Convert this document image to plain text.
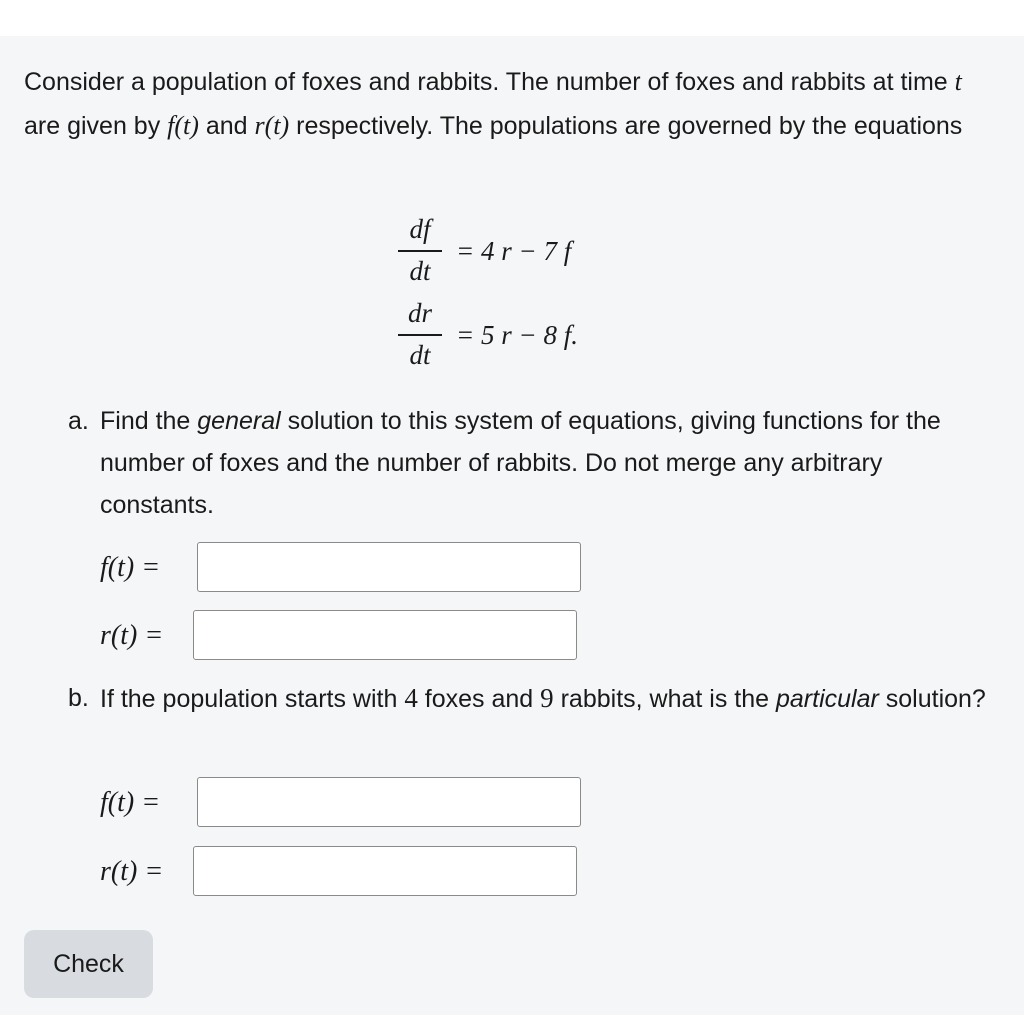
Consider a population of foxes and rabbits. The number of foxes and rabbits at time t are given by f(t) and r(t) respectively. The populations are governed by the equations

df
dt
= 4 r − 7 f
dr
dt
= 5 r − 8 f.
a. Find the general solution to this system of equations, giving functions for the number of foxes and the number of rabbits. Do not merge any arbitrary constants.
f(t) =
r(t) =
b. If the population starts with 4 foxes and 9 rabbits, what is the particular solution?
f(t) =
r(t) =
Check
